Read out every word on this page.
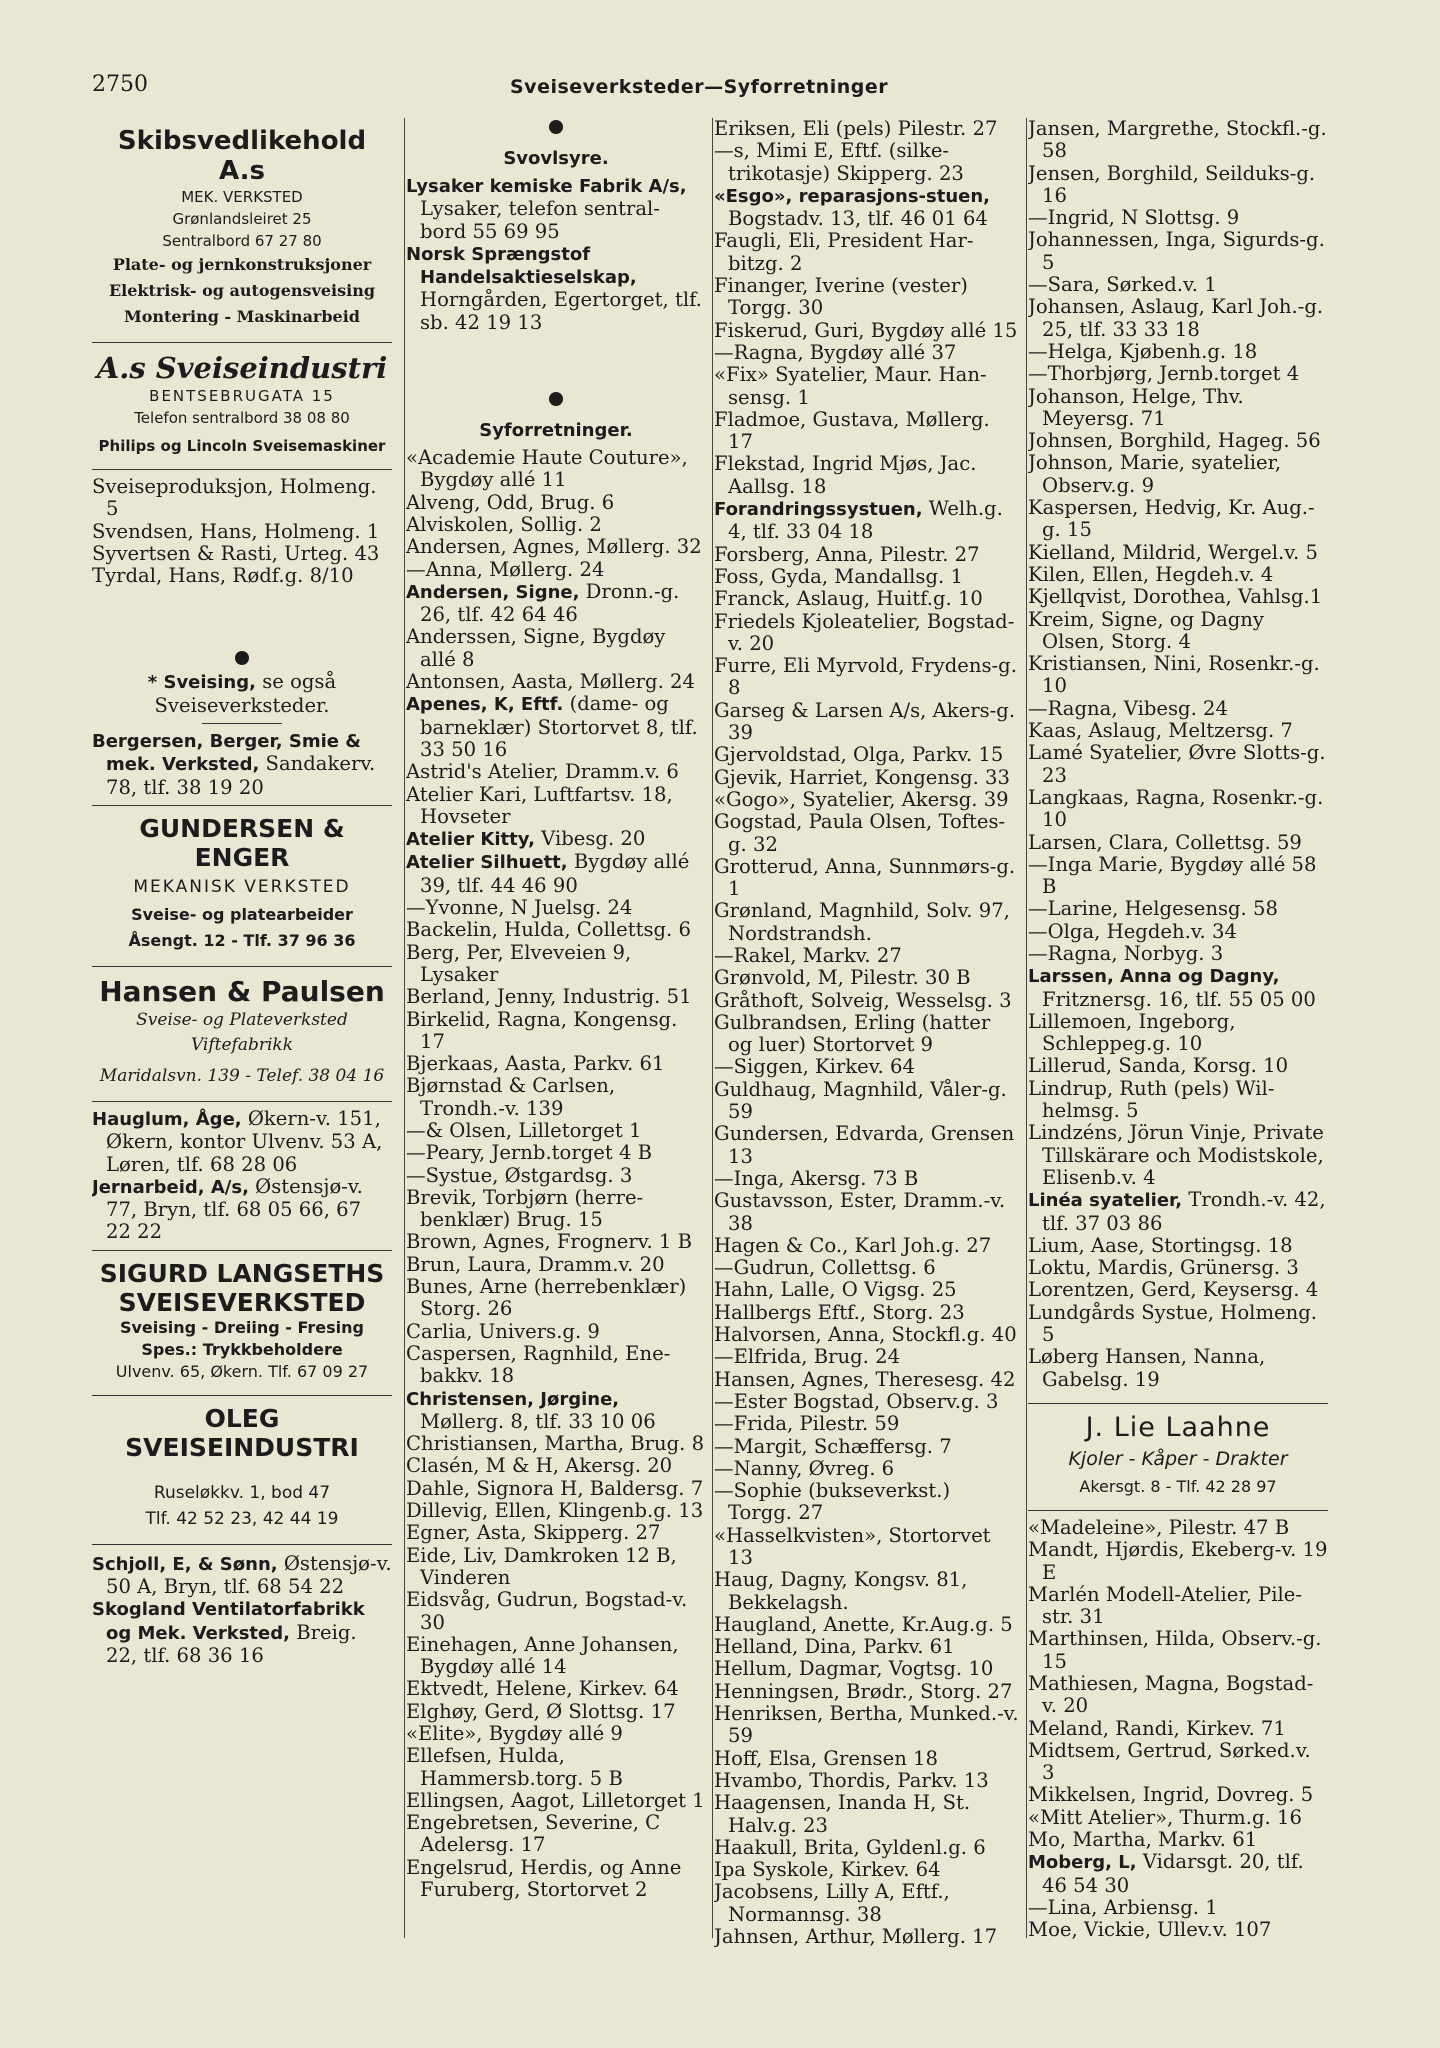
2750	Sveiseverksteder—Syforretninger
Skibsvedlikehold A.s
MEK. VERKSTED
Grønlandsleiret 25
Sentralbord 67 27 80
Plate- og jernkonstruksjoner
Elektrisk- og autogensveising
Montering - Maskinarbeid
A.s Sveiseindustri
BENTSEBRUGATA 15
Telefon sentralbord 38 08 80
Philips og Lincoln Sveisemaskiner
Sveiseproduksjon, Holmeng. 5
Svendsen, Hans, Holmeng. 1
Syvertsen & Rasti, Urteg. 43
Tyrdal, Hans, Rødf.g. 8/10
* Sveising, se også Sveiseverksteder.
Bergersen, Berger, Smie & mek. Verksted, Sandakerv. 78, tlf. 38 19 20
GUNDERSEN & ENGER
MEKANISK VERKSTED
Sveise- og platearbeider
Åsengt. 12 - Tlf. 37 96 36
Hansen & Paulsen
Sveise- og Plateverksted
Viftefabrikk
Maridalsvn. 139 - Telef. 38 04 16
Hauglum, Åge, Økern-v. 151, Økern, kontor Ulvenv. 53 A, Løren, tlf. 68 28 06
Jernarbeid, A/s, Østensjø-v. 77, Bryn, tlf. 68 05 66, 67 22 22
SIGURD LANGSETHS
SVEISEVERKSTED
Sveising - Dreiing - Fresing
Spes.: Trykkbeholdere
Ulvenv. 65, Økern. Tlf. 67 09 27
OLEG SVEISEINDUSTRI
Ruseløkkv. 1, bod 47
Tlf. 42 52 23, 42 44 19
Schjoll, E, & Sønn, Østensjø-v. 50 A, Bryn, tlf. 68 54 22
Skogland Ventilatorfabrikk og Mek. Verksted, Breig. 22, tlf. 68 36 16
Svovlsyre.
Lysaker kemiske Fabrik A/s, Lysaker, telefon sentral-bord 55 69 95
Norsk Sprængstof Handelsaktieselskap, Horngården, Egertorget, tlf. sb. 42 19 13
Syforretninger.
«Academie Haute Couture», Bygdøy allé 11
Alveng, Odd, Brug. 6
Alviskolen, Sollig. 2
Andersen, Agnes, Møllerg. 32
—Anna, Møllerg. 24
Andersen, Signe, Dronn.-g. 26, tlf. 42 64 46
Anderssen, Signe, Bygdøy allé 8
Antonsen, Aasta, Møllerg. 24
Apenes, K, Eftf. (dame- og barneklær) Stortorvet 8, tlf. 33 50 16
Astrid's Atelier, Dramm.v. 6
Atelier Kari, Luftfartsv. 18, Hovseter
Atelier Kitty, Vibesg. 20
Atelier Silhuett, Bygdøy allé 39, tlf. 44 46 90
—Yvonne, N Juelsg. 24
Backelin, Hulda, Collettsg. 6
Berg, Per, Elveveien 9, Lysaker
Berland, Jenny, Industrig. 51
Birkelid, Ragna, Kongensg. 17
Bjerkaas, Aasta, Parkv. 61
Bjørnstad & Carlsen, Trondh.-v. 139
—& Olsen, Lilletorget 1
—Peary, Jernb.torget 4 B
—Systue, Østgardsg. 3
Brevik, Torbjørn (herre-benklær) Brug. 15
Brown, Agnes, Frognerv. 1 B
Brun, Laura, Dramm.v. 20
Bunes, Arne (herrebenklær) Storg. 26
Carlia, Univers.g. 9
Caspersen, Ragnhild, Ene-bakkv. 18
Christensen, Jørgine, Møllerg. 8, tlf. 33 10 06
Christiansen, Martha, Brug. 8
Clasén, M & H, Akersg. 20
Dahle, Signora H, Baldersg. 7
Dillevig, Ellen, Klingenb.g. 13
Egner, Asta, Skipperg. 27
Eide, Liv, Damkroken 12 B, Vinderen
Eidsvåg, Gudrun, Bogstad-v. 30
Einehagen, Anne Johansen, Bygdøy allé 14
Ektvedt, Helene, Kirkev. 64
Elghøy, Gerd, Ø Slottsg. 17
«Elite», Bygdøy allé 9
Ellefsen, Hulda, Hammersb.torg. 5 B
Ellingsen, Aagot, Lilletorget 1
Engebretsen, Severine, C Adelersg. 17
Engelsrud, Herdis, og Anne Furuberg, Stortorvet 2
Eriksen, Eli (pels) Pilestr. 27
—s, Mimi E, Eftf. (silke-trikotasje) Skipperg. 23
«Esgo», reparasjons-stuen, Bogstadv. 13, tlf. 46 01 64
Faugli, Eli, President Har-bitzg. 2
Finanger, Iverine (vester) Torgg. 30
Fiskerud, Guri, Bygdøy allé 15
—Ragna, Bygdøy allé 37
«Fix» Syatelier, Maur. Han-sensg. 1
Fladmoe, Gustava, Møllerg. 17
Flekstad, Ingrid Mjøs, Jac. Aallsg. 18
Forandringssystuen, Welh.g. 4, tlf. 33 04 18
Forsberg, Anna, Pilestr. 27
Foss, Gyda, Mandallsg. 1
Franck, Aslaug, Huitf.g. 10
Friedels Kjoleatelier, Bogstad-v. 20
Furre, Eli Myrvold, Frydens-g. 8
Garseg & Larsen A/s, Akers-g. 39
Gjervoldstad, Olga, Parkv. 15
Gjevik, Harriet, Kongensg. 33
«Gogo», Syatelier, Akersg. 39
Gogstad, Paula Olsen, Toftes-g. 32
Grotterud, Anna, Sunnmørs-g. 1
Grønland, Magnhild, Solv. 97, Nordstrandsh.
—Rakel, Markv. 27
Grønvold, M, Pilestr. 30 B
Gråthoft, Solveig, Wesselsg. 3
Gulbrandsen, Erling (hatter og luer) Stortorvet 9
—Siggen, Kirkev. 64
Guldhaug, Magnhild, Våler-g. 59
Gundersen, Edvarda, Grensen 13
—Inga, Akersg. 73 B
Gustavsson, Ester, Dramm.-v. 38
Hagen & Co., Karl Joh.g. 27
—Gudrun, Collettsg. 6
Hahn, Lalle, O Vigsg. 25
Hallbergs Eftf., Storg. 23
Halvorsen, Anna, Stockfl.g. 40
—Elfrida, Brug. 24
Hansen, Agnes, Theresesg. 42
—Ester Bogstad, Observ.g. 3
—Frida, Pilestr. 59
—Margit, Schæffersg. 7
—Nanny, Øvreg. 6
—Sophie (bukseverkst.) Torgg. 27
«Hasselkvisten», Stortorvet 13
Haug, Dagny, Kongsv. 81, Bekkelagsh.
Haugland, Anette, Kr.Aug.g. 5
Helland, Dina, Parkv. 61
Hellum, Dagmar, Vogtsg. 10
Henningsen, Brødr., Storg. 27
Henriksen, Bertha, Munked.-v. 59
Hoff, Elsa, Grensen 18
Hvambo, Thordis, Parkv. 13
Haagensen, Inanda H, St. Halv.g. 23
Haakull, Brita, Gyldenl.g. 6
Ipa Syskole, Kirkev. 64
Jacobsens, Lilly A, Eftf., Normannsg. 38
Jahnsen, Arthur, Møllerg. 17
Jansen, Margrethe, Stockfl.-g. 58
Jensen, Borghild, Seilduks-g. 16
—Ingrid, N Slottsg. 9
Johannessen, Inga, Sigurds-g. 5
—Sara, Sørked.v. 1
Johansen, Aslaug, Karl Joh.-g. 25, tlf. 33 33 18
—Helga, Kjøbenh.g. 18
—Thorbjørg, Jernb.torget 4
Johanson, Helge, Thv. Meyersg. 71
Johnsen, Borghild, Hageg. 56
Johnson, Marie, syatelier, Observ.g. 9
Kaspersen, Hedvig, Kr. Aug.-g. 15
Kielland, Mildrid, Wergel.v. 5
Kilen, Ellen, Hegdeh.v. 4
Kjellqvist, Dorothea, Vahlsg.1
Kreim, Signe, og Dagny Olsen, Storg. 4
Kristiansen, Nini, Rosenkr.-g. 10
—Ragna, Vibesg. 24
Kaas, Aslaug, Meltzersg. 7
Lamé Syatelier, Øvre Slotts-g. 23
Langkaas, Ragna, Rosenkr.-g. 10
Larsen, Clara, Collettsg. 59
—Inga Marie, Bygdøy allé 58 B
—Larine, Helgesensg. 58
—Olga, Hegdeh.v. 34
—Ragna, Norbyg. 3
Larssen, Anna og Dagny, Fritznersg. 16, tlf. 55 05 00
Lillemoen, Ingeborg, Schleppeg.g. 10
Lillerud, Sanda, Korsg. 10
Lindrup, Ruth (pels) Wil-helmsg. 5
Lindzéns, Jörun Vinje, Private Tillskärare och Modistskole, Elisenb.v. 4
Linéa syatelier, Trondh.-v. 42, tlf. 37 03 86
Lium, Aase, Stortingsg. 18
Loktu, Mardis, Grünersg. 3
Lorentzen, Gerd, Keysersg. 4
Lundgårds Systue, Holmeng. 5
Løberg Hansen, Nanna, Gabelsg. 19
J. Lie Laahne
Kjoler - Kåper - Drakter
Akersgt. 8 - Tlf. 42 28 97
«Madeleine», Pilestr. 47 B
Mandt, Hjørdis, Ekeberg-v. 19 E
Marlén Modell-Atelier, Pile-str. 31
Marthinsen, Hilda, Observ.-g. 15
Mathiesen, Magna, Bogstad-v. 20
Meland, Randi, Kirkev. 71
Midtsem, Gertrud, Sørked.v. 3
Mikkelsen, Ingrid, Dovreg. 5
«Mitt Atelier», Thurm.g. 16
Mo, Martha, Markv. 61
Moberg, L, Vidarsgt. 20, tlf. 46 54 30
—Lina, Arbiensg. 1
Moe, Vickie, Ullev.v. 107
